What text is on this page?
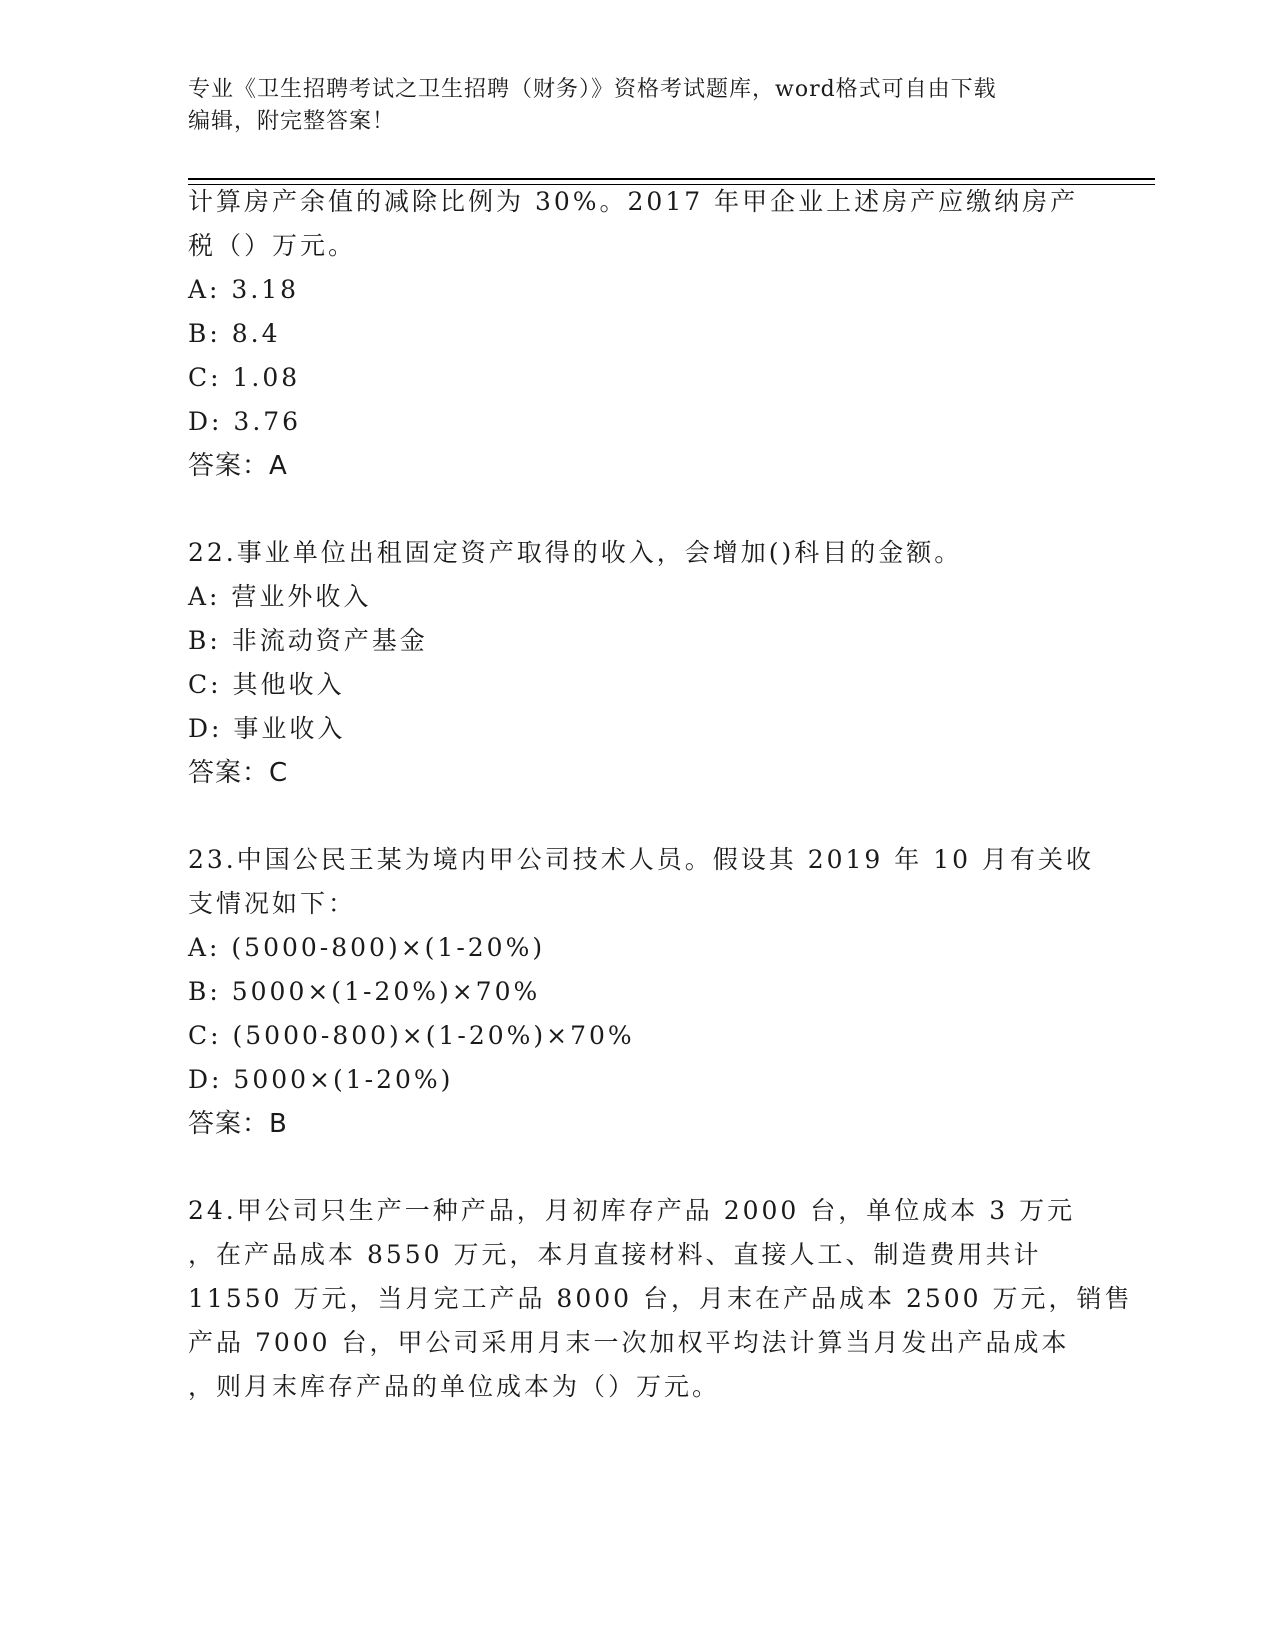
专业《卫生招聘考试之卫生招聘（财务）》资格考试题库，word格式可自由下载
编辑，附完整答案！
计算房产余值的减除比例为 30%。2017 年甲企业上述房产应缴纳房产
税（）万元。
A: 3.18
B: 8.4
C: 1.08
D: 3.76
答案：A
22.事业单位出租固定资产取得的收入，会增加()科目的金额。
A: 营业外收入
B: 非流动资产基金
C: 其他收入
D: 事业收入
答案：C
23.中国公民王某为境内甲公司技术人员。假设其 2019 年 10 月有关收
支情况如下：
A: (5000-800)×(1-20%)
B: 5000×(1-20%)×70%
C: (5000-800)×(1-20%)×70%
D: 5000×(1-20%)
答案：B
24.甲公司只生产一种产品，月初库存产品 2000 台，单位成本 3 万元
，在产品成本 8550 万元，本月直接材料、直接人工、制造费用共计
11550 万元，当月完工产品 8000 台，月末在产品成本 2500 万元，销售
产品 7000 台，甲公司采用月末一次加权平均法计算当月发出产品成本
，则月末库存产品的单位成本为（）万元。
